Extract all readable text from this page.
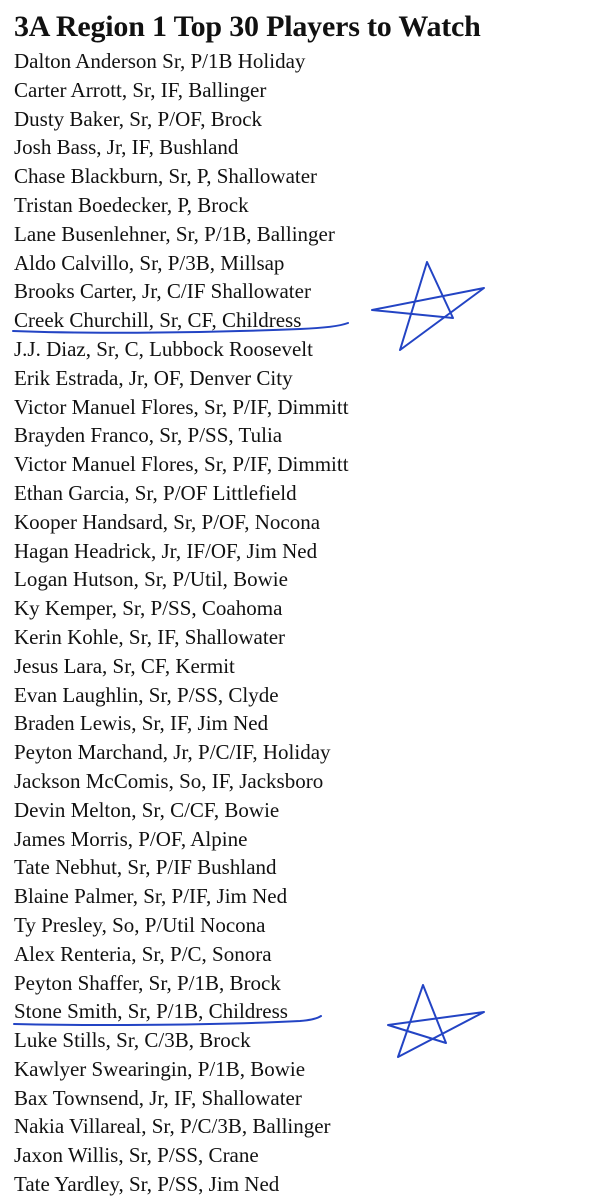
3A Region 1 Top 30 Players to Watch
Dalton Anderson Sr, P/1B Holiday
Carter Arrott, Sr, IF, Ballinger
Dusty Baker, Sr, P/OF, Brock
Josh Bass, Jr, IF, Bushland
Chase Blackburn, Sr, P, Shallowater
Tristan Boedecker, P, Brock
Lane Busenlehner, Sr, P/1B, Ballinger
Aldo Calvillo, Sr, P/3B, Millsap
Brooks Carter, Jr, C/IF Shallowater
Creek Churchill, Sr, CF, Childress
J.J. Diaz, Sr, C, Lubbock Roosevelt
Erik Estrada, Jr, OF, Denver City
Victor Manuel Flores, Sr, P/IF, Dimmitt
Brayden Franco, Sr, P/SS, Tulia
Victor Manuel Flores, Sr, P/IF, Dimmitt
Ethan Garcia, Sr, P/OF Littlefield
Kooper Handsard, Sr, P/OF, Nocona
Hagan Headrick, Jr, IF/OF, Jim Ned
Logan Hutson, Sr, P/Util, Bowie
Ky Kemper, Sr, P/SS, Coahoma
Kerin Kohle, Sr, IF, Shallowater
Jesus Lara, Sr, CF, Kermit
Evan Laughlin, Sr, P/SS, Clyde
Braden Lewis, Sr, IF, Jim Ned
Peyton Marchand, Jr, P/C/IF, Holiday
Jackson McComis, So, IF, Jacksboro
Devin Melton, Sr, C/CF, Bowie
James Morris, P/OF, Alpine
Tate Nebhut, Sr, P/IF Bushland
Blaine Palmer, Sr, P/IF, Jim Ned
Ty Presley, So, P/Util Nocona
Alex Renteria, Sr, P/C, Sonora
Peyton Shaffer, Sr, P/1B, Brock
Stone Smith, Sr, P/1B, Childress
Luke Stills, Sr, C/3B, Brock
Kawlyer Swearingin, P/1B, Bowie
Bax Townsend, Jr, IF, Shallowater
Nakia Villareal, Sr, P/C/3B, Ballinger
Jaxon Willis, Sr, P/SS, Crane
Tate Yardley, Sr, P/SS, Jim Ned
